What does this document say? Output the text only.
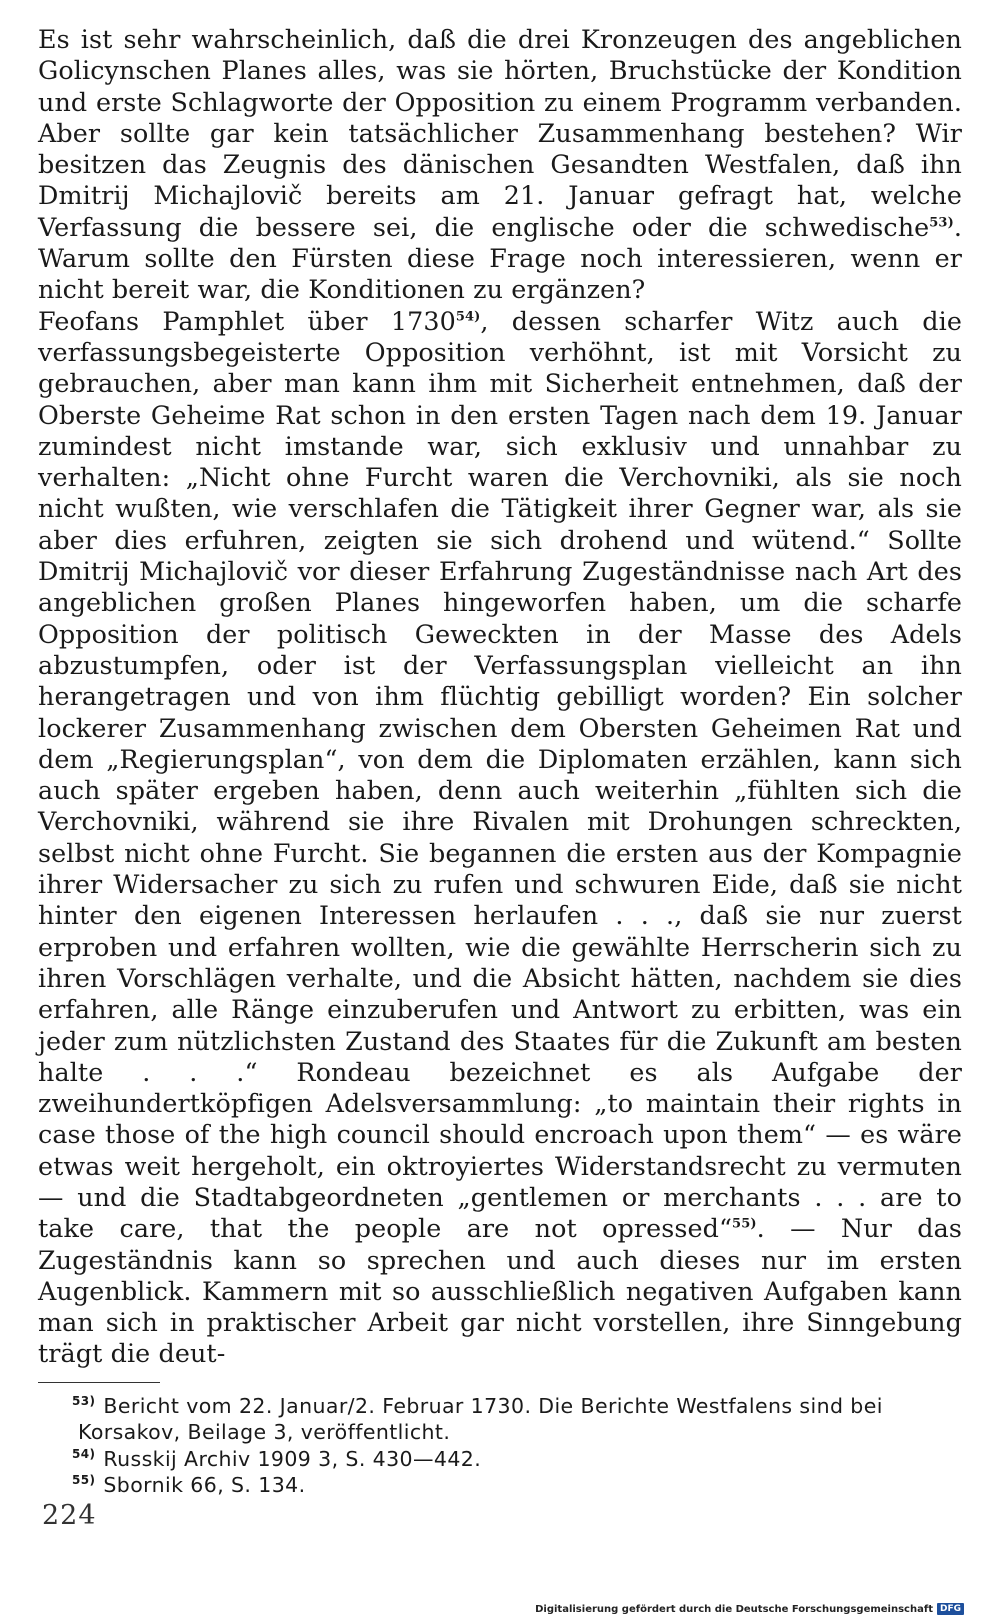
Es ist sehr wahrscheinlich, daß die drei Kronzeugen des angeblichen Golicynschen Planes alles, was sie hörten, Bruchstücke der Kondition und erste Schlagworte der Opposition zu einem Programm verbanden. Aber sollte gar kein tatsächlicher Zusammenhang bestehen? Wir besitzen das Zeugnis des dänischen Gesandten Westfalen, daß ihn Dmitrij Michajlovič bereits am 21. Januar gefragt hat, welche Verfassung die bessere sei, die englische oder die schwedische$^{53)}$. Warum sollte den Fürsten diese Frage noch interessieren, wenn er nicht bereit war, die Konditionen zu ergänzen?

Feofans Pamphlet über 1730$^{54)}$, dessen scharfer Witz auch die verfassungsbegeisterte Opposition verhöhnt, ist mit Vorsicht zu gebrauchen, aber man kann ihm mit Sicherheit entnehmen, daß der Oberste Geheime Rat schon in den ersten Tagen nach dem 19. Januar zumindest nicht imstande war, sich exklusiv und unnahbar zu verhalten: „Nicht ohne Furcht waren die Verchovniki, als sie noch nicht wußten, wie verschlafen die Tätigkeit ihrer Gegner war, als sie aber dies erfuhren, zeigten sie sich drohend und wütend.“ Sollte Dmitrij Michajlovič vor dieser Erfahrung Zugeständnisse nach Art des angeblichen großen Planes hingeworfen haben, um die scharfe Opposition der politisch Geweckten in der Masse des Adels abzustumpfen, oder ist der Verfassungsplan vielleicht an ihn herangetragen und von ihm flüchtig gebilligt worden? Ein solcher lockerer Zusammenhang zwischen dem Obersten Geheimen Rat und dem „Regierungsplan“, von dem die Diplomaten erzählen, kann sich auch später ergeben haben, denn auch weiterhin „fühlten sich die Verchovniki, während sie ihre Rivalen mit Drohungen schreckten, selbst nicht ohne Furcht. Sie begannen die ersten aus der Kompagnie ihrer Widersacher zu sich zu rufen und schwuren Eide, daß sie nicht hinter den eigenen Interessen herlaufen . . ., daß sie nur zuerst erproben und erfahren wollten, wie die gewählte Herrscherin sich zu ihren Vorschlägen verhalte, und die Absicht hätten, nachdem sie dies erfahren, alle Ränge einzuberufen und Antwort zu erbitten, was ein jeder zum nützlichsten Zustand des Staates für die Zukunft am besten halte . . .“ Rondeau bezeichnet es als Aufgabe der zweihundertköpfigen Adelsversammlung: „to maintain their rights in case those of the high council should encroach upon them“ — es wäre etwas weit hergeholt, ein oktroyiertes Widerstandsrecht zu vermuten — und die Stadtabgeordneten „gentlemen or merchants . . . are to take care, that the people are not opressed“$^{55)}$. — Nur das Zugeständnis kann so sprechen und auch dieses nur im ersten Augenblick. Kammern mit so ausschließlich negativen Aufgaben kann man sich in praktischer Arbeit gar nicht vorstellen, ihre Sinngebung trägt die deut-

$^{53)}$ Bericht vom 22. Januar/2. Februar 1730. Die Berichte Westfalens sind bei Korsakov, Beilage 3, veröffentlicht.

$^{54)}$ Russkij Archiv 1909 3, S. 430—442.

$^{55)}$ Sbornik 66, S. 134.

224
Digitalisierung gefördert durch die Deutsche Forschungsgemeinschaft DFG
